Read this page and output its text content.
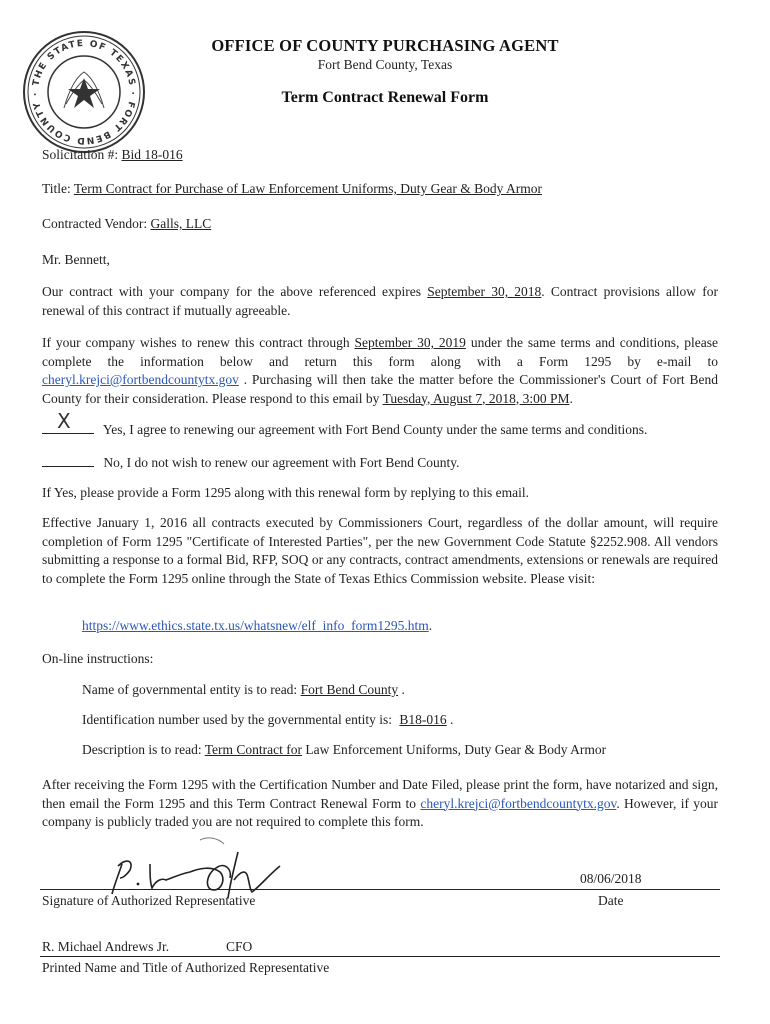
THE STATE OF TEXAS · FORT BEND COUNTY ·
OFFICE OF COUNTY PURCHASING AGENT
Fort Bend County, Texas
Term Contract Renewal Form
Solicitation #: Bid 18-016
Title: Term Contract for Purchase of Law Enforcement Uniforms, Duty Gear & Body Armor
Contracted Vendor: Galls, LLC
Mr. Bennett,
Our contract with your company for the above referenced expires September 30, 2018. Contract provisions allow for renewal of this contract if mutually agreeable.
If your company wishes to renew this contract through September 30, 2019 under the same terms and conditions, please complete the information below and return this form along with a Form 1295 by e-mail to cheryl.krejci@fortbendcountytx.gov . Purchasing will then take the matter before the Commissioner's Court of Fort Bend County for their consideration. Please respond to this email by Tuesday, August 7, 2018, 3:00 PM.
X Yes, I agree to renewing our agreement with Fort Bend County under the same terms and conditions.
No, I do not wish to renew our agreement with Fort Bend County.
If Yes, please provide a Form 1295 along with this renewal form by replying to this email.
Effective January 1, 2016 all contracts executed by Commissioners Court, regardless of the dollar amount, will require completion of Form 1295 "Certificate of Interested Parties", per the new Government Code Statute §2252.908. All vendors submitting a response to a formal Bid, RFP, SOQ or any contracts, contract amendments, extensions or renewals are required to complete the Form 1295 online through the State of Texas Ethics Commission website. Please visit:
https://www.ethics.state.tx.us/whatsnew/elf_info_form1295.htm.
On-line instructions:
Name of governmental entity is to read: Fort Bend County .
Identification number used by the governmental entity is: B18-016 .
Description is to read: Term Contract for Law Enforcement Uniforms, Duty Gear & Body Armor
After receiving the Form 1295 with the Certification Number and Date Filed, please print the form, have notarized and sign, then email the Form 1295 and this Term Contract Renewal Form to cheryl.krejci@fortbendcountytx.gov. However, if your company is publicly traded you are not required to complete this form.
08/06/2018
Signature of Authorized Representative	Date
R. Michael Andrews Jr.	CFO
Printed Name and Title of Authorized Representative
